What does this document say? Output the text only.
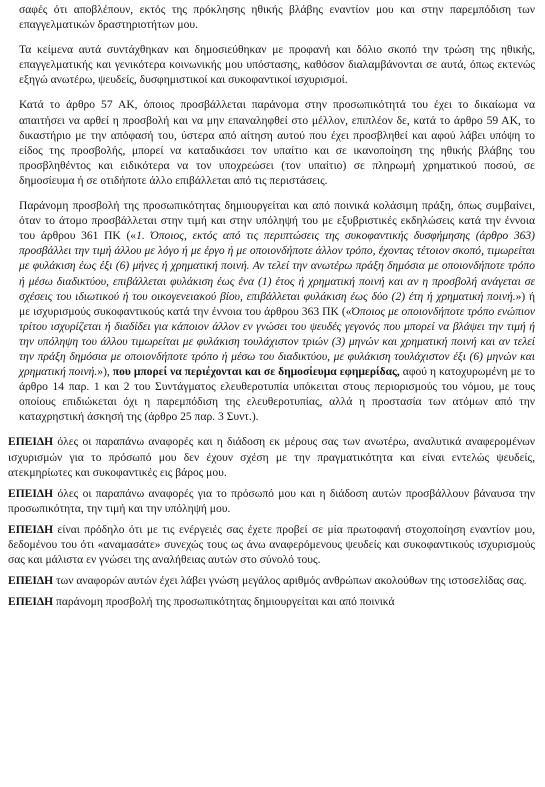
σαφές ότι αποβλέπουν, εκτός της πρόκλησης ηθικής βλάβης εναντίον μου και στην παρεμπόδιση των επαγγελματικών δραστηριοτήτων μου.

Τα κείμενα αυτά συντάχθηκαν και δημοσιεύθηκαν με προφανή και δόλιο σκοπό την τρώση της ηθικής, επαγγελματικής και γενικότερα κοινωνικής μου υπόστασης, καθόσον διαλαμβάνονται σε αυτά, όπως εκτενώς εξηγώ ανωτέρω, ψευδείς, δυσφημιστικοί και συκοφαντικοί ισχυρισμοί.

Κατά το άρθρο 57 ΑΚ, όποιος προσβάλλεται παράνομα στην προσωπικότητά του έχει το δικαίωμα να απαιτήσει να αρθεί η προσβολή και να μην επαναληφθεί στο μέλλον, επιπλέον δε, κατά το άρθρο 59 ΑΚ, το δικαστήριο με την απόφασή του, ύστερα από αίτηση αυτού που έχει προσβληθεί και αφού λάβει υπόψη το είδος της προσβολής, μπορεί να καταδικάσει τον υπαίτιο και σε ικανοποίηση της ηθικής βλάβης του προσβληθέντος και ειδικότερα να τον υποχρεώσει (τον υπαίτιο) σε πληρωμή χρηματικού ποσού, σε δημοσίευμα ή σε οτιδήποτε άλλο επιβάλλεται από τις περιστάσεις.

Παράνομη προσβολή της προσωπικότητας δημιουργείται και από ποινικά κολάσιμη πράξη, όπως συμβαίνει, όταν το άτομο προσβάλλεται στην τιμή και στην υπόληψή του με εξυβριστικές εκδηλώσεις κατά την έννοια του άρθρου 361 ΠΚ («1. Όποιος, εκτός από τις περιπτώσεις της συκοφαντικής δυσφήμησης (άρθρο 363) προσβάλλει την τιμή άλλου με λόγο ή με έργο ή με οποιονδήποτε άλλον τρόπο, έχοντας τέτοιον σκοπό, τιμωρείται με φυλάκιση έως έξι (6) μήνες ή χρηματική ποινή. Αν τελεί την ανωτέρω πράξη δημόσια με οποιονδήποτε τρόπο ή μέσω διαδικτύου, επιβάλλεται φυλάκιση έως ένα (1) έτος ή χρηματική ποινή και αν η προσβολή ανάγεται σε σχέσεις του ιδιωτικού ή του οικογενειακού βίου, επιβάλλεται φυλάκιση έως δύο (2) έτη ή χρηματική ποινή.») ή με ισχυρισμούς συκοφαντικούς κατά την έννοια του άρθρου 363 ΠΚ («Όποιος με οποιονδήποτε τρόπο ενώπιον τρίτου ισχυρίζεται ή διαδίδει για κάποιον άλλον εν γνώσει του ψευδές γεγονός που μπορεί να βλάψει την τιμή ή την υπόληψη του άλλου τιμωρείται με φυλάκιση τουλάχιστον τριών (3) μηνών και χρηματική ποινή και αν τελεί την πράξη δημόσια με οποιονδήποτε τρόπο ή μέσω του διαδικτύου, με φυλάκιση τουλάχιστον έξι (6) μηνών και χρηματική ποινή.»), που μπορεί να περιέχονται και σε δημοσίευμα εφημερίδας, αφού η κατοχυρωμένη με το άρθρο 14 παρ. 1 και 2 του Συντάγματος ελευθεροτυπία υπόκειται στους περιορισμούς του νόμου, με τους οποίους επιδιώκεται όχι η παρεμπόδιση της ελευθεροτυπίας, αλλά η προστασία των ατόμων από την καταχρηστική άσκησή της (άρθρο 25 παρ. 3 Συντ.).

ΕΠΕΙΔΗ όλες οι παραπάνω αναφορές και η διάδοση εκ μέρους σας των ανωτέρω, αναλυτικά αναφερομένων ισχυρισμών για το πρόσωπό μου δεν έχουν σχέση με την πραγματικότητα και είναι εντελώς ψευδείς, ατεκμηρίωτες και συκοφαντικές εις βάρος μου.

ΕΠΕΙΔΗ όλες οι παραπάνω αναφορές για το πρόσωπό μου και η διάδοση αυτών προσβάλλουν βάναυσα την προσωπικότητα, την τιμή και την υπόληψή μου.

ΕΠΕΙΔΗ είναι πρόδηλο ότι με τις ενέργειές σας έχετε προβεί σε μία πρωτοφανή στοχοποίηση εναντίον μου, δεδομένου του ότι «αναμασάτε» συνεχώς τους ως άνω αναφερόμενους ψευδείς και συκοφαντικούς ισχυρισμούς σας και μάλιστα εν γνώσει της αναλήθειας αυτών στο σύνολό τους.

ΕΠΕΙΔΗ των αναφορών αυτών έχει λάβει γνώση μεγάλος αριθμός ανθρώπων ακολούθων της ιστοσελίδας σας.

ΕΠΕΙΔΗ παράνομη προσβολή της προσωπικότητας δημιουργείται και από ποινικά
